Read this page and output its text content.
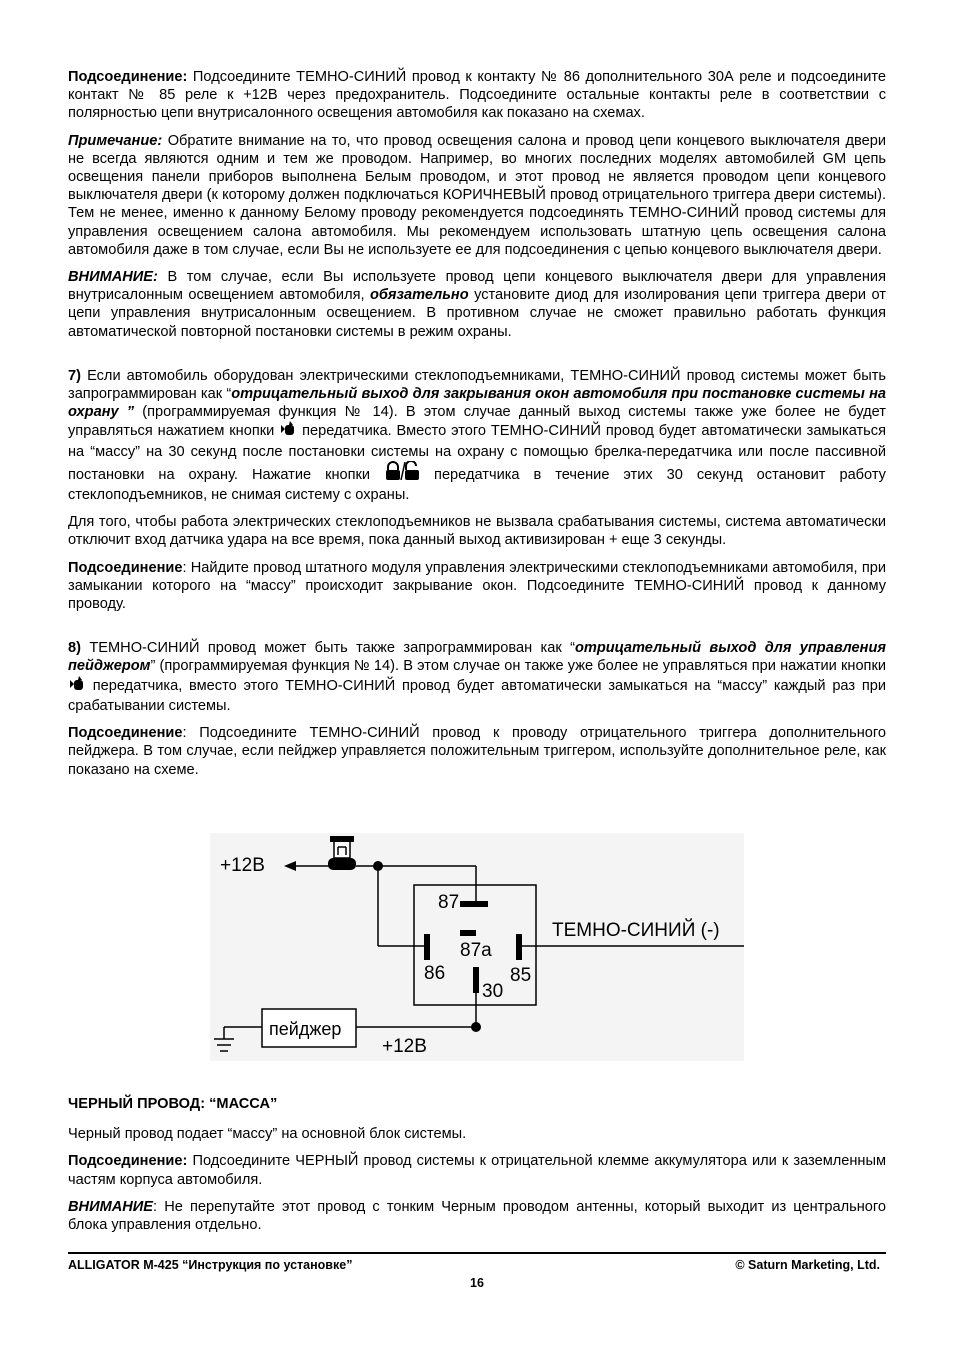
Подсоединение: Подсоедините ТЕМНО-СИНИЙ провод к контакту № 86 дополнительного 30А реле и подсоедините контакт № 85 реле к +12В через предохранитель. Подсоедините остальные контакты реле в соответствии с полярностью цепи внутрисалонного освещения автомобиля как показано на схемах.

Примечание: Обратите внимание на то, что провод освещения салона и провод цепи концевого выключателя двери не всегда являются одним и тем же проводом. Например, во многих последних моделях автомобилей GM цепь освещения панели приборов выполнена Белым проводом, и этот провод не является проводом цепи концевого выключателя двери (к которому должен подключаться КОРИЧНЕВЫЙ провод отрицательного триггера двери системы). Тем не менее, именно к данному Белому проводу рекомендуется подсоединять ТЕМНО-СИНИЙ провод системы для управления освещением салона автомобиля. Мы рекомендуем использовать штатную цепь освещения салона автомобиля даже в том случае, если Вы не используете ее для подсоединения с цепью концевого выключателя двери.

ВНИМАНИЕ: В том случае, если Вы используете провод цепи концевого выключателя двери для управления внутрисалонным освещением автомобиля, обязательно установите диод для изолирования цепи триггера двери от цепи управления внутрисалонным освещением. В противном случае не сможет правильно работать функция автоматической повторной постановки системы в режим охраны.

7) Если автомобиль оборудован электрическими стеклоподъемниками, ТЕМНО-СИНИЙ провод системы может быть запрограммирован как “отрицательный выход для закрывания окон автомобиля при постановке системы на охрану ” (программируемая функция № 14). В этом случае данный выход системы также уже более не будет управляться нажатием кнопки  передатчика. Вместо этого ТЕМНО-СИНИЙ провод будет автоматически замыкаться на “массу” на 30 секунд после постановки системы на охрану с помощью брелка-передатчика или после пассивной постановки на охрану. Нажатие кнопки  передатчика в течение этих 30 секунд остановит работу стеклоподъемников, не снимая систему с охраны.

Для того, чтобы работа электрических стеклоподъемников не вызвала срабатывания системы, система автоматически отключит вход датчика удара на все время, пока данный выход активизирован + еще 3 секунды.

Подсоединение: Найдите провод штатного модуля управления электрическими стеклоподъемниками автомобиля, при замыкании которого на “массу” происходит закрывание окон. Подсоедините ТЕМНО-СИНИЙ провод к данному проводу.

8) ТЕМНО-СИНИЙ провод может быть также запрограммирован как “отрицательный выход для управления пейджером” (программируемая функция № 14). В этом случае он также уже более не управляться при нажатии кнопки  передатчика, вместо этого ТЕМНО-СИНИЙ провод будет автоматически замыкаться на “массу” каждый раз при срабатывании системы.

Подсоединение: Подсоедините ТЕМНО-СИНИЙ провод к проводу отрицательного триггера дополнительного пейджера. В том случае, если пейджер управляется положительным триггером, используйте дополнительное реле, как показано на схеме.

+12В
87
87a
86	85
ТЕМНО-СИНИЙ (-)
30
пейджер
+12В

ЧЕРНЫЙ ПРОВОД: “МАССА”

Черный провод подает “массу” на основной блок системы.

Подсоединение: Подсоедините ЧЕРНЫЙ провод системы к отрицательной клемме аккумулятора или к заземленным частям корпуса автомобиля.

ВНИМАНИЕ: Не перепутайте этот провод с тонким Черным проводом антенны, который выходит из центрального блока управления отдельно.

ALLIGATOR M-425 “Инструкция по установке”	© Saturn Marketing, Ltd.
16
